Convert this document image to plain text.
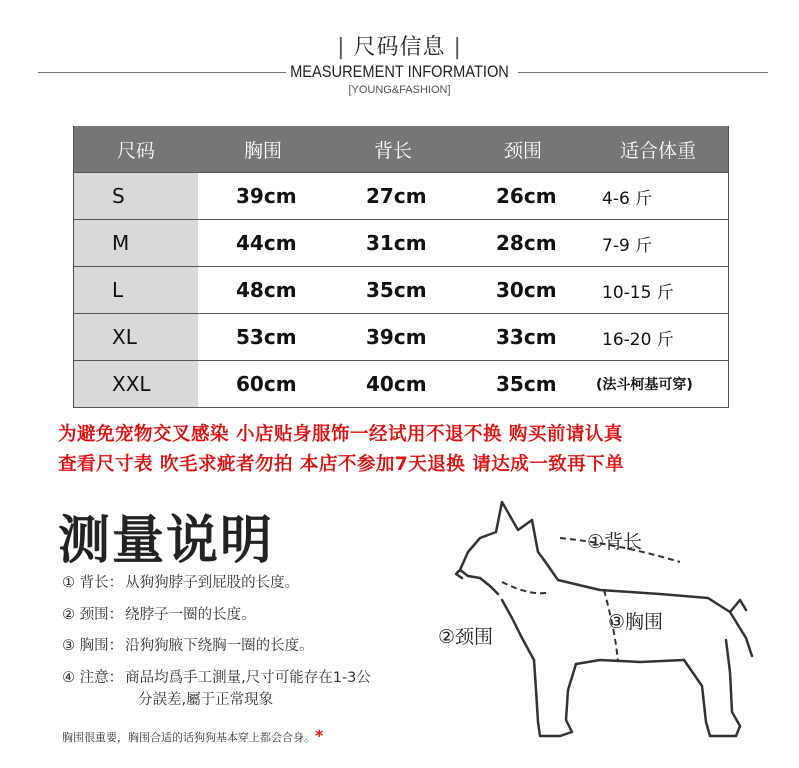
| 尺码信息 |
MEASUREMENT INFORMATION
[YOUNG&FASHION]
尺码	胸围	背长	颈围	适合体重
S	39cm	27cm	26cm	4-6 斤
M	44cm	31cm	28cm	7-9 斤
L	48cm	35cm	30cm	10-15 斤
XL	53cm	39cm	33cm	16-20 斤
XXL	60cm	40cm	35cm	(法斗柯基可穿)
为避免宠物交叉感染 小店贴身服饰一经试用不退不换 购买前请认真
查看尺寸表 吹毛求疵者勿拍 本店不参加7天退换 请达成一致再下单
测量说明
① 背长： 从狗狗脖子到屁股的长度。
② 颈围： 绕脖子一圈的长度。
③ 胸围： 沿狗狗腋下绕胸一圈的长度。
④ 注意： 商品均爲手工測量,尺寸可能存在1-3公
分誤差,屬于正常現象
胸围很重要，胸围合适的话狗狗基本穿上都会合身。*
①背长
②颈围
③胸围
